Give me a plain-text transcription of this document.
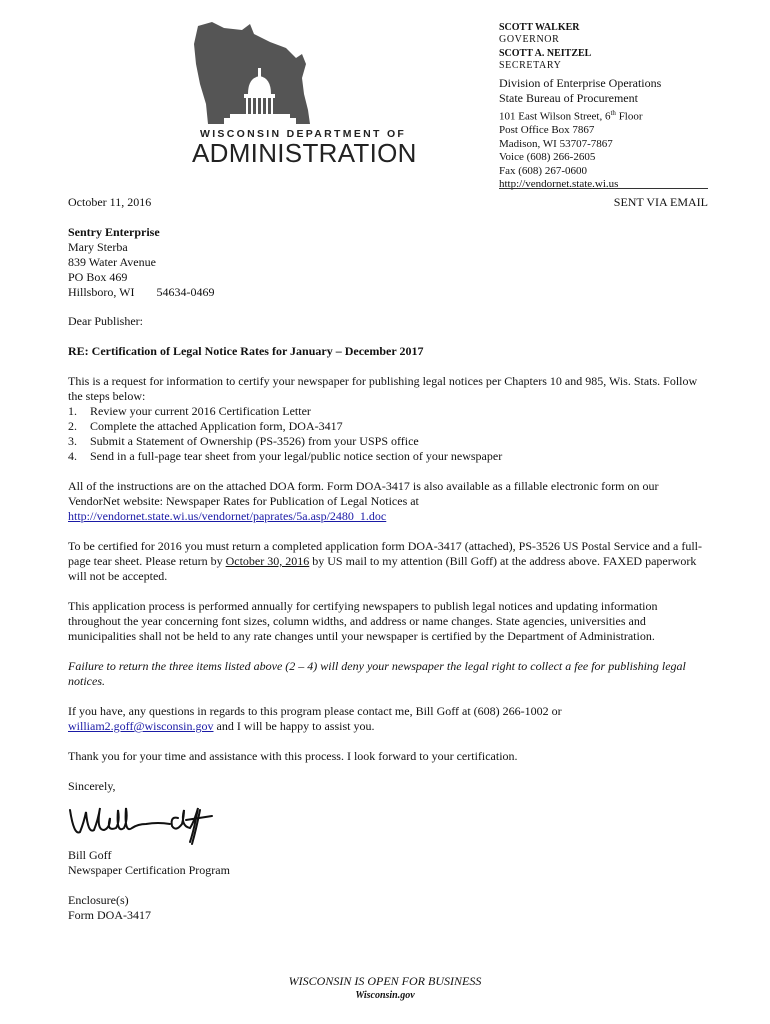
WISCONSIN DEPARTMENT OF
ADMINISTRATION
SCOTT WALKER
GOVERNOR
SCOTT A. NEITZEL
SECRETARY
Division of Enterprise Operations
State Bureau of Procurement
101 East Wilson Street, 6th Floor
Post Office Box 7867
Madison, WI 53707-7867
Voice (608) 266-2605
Fax (608) 267-0600
http://vendornet.state.wi.us
October 11, 2016	SENT VIA EMAIL
Sentry Enterprise
Mary Sterba
839 Water Avenue
PO Box 469
Hillsboro, WI 54634-0469
Dear Publisher:
RE: Certification of Legal Notice Rates for January – December 2017

This is a request for information to certify your newspaper for publishing legal notices per Chapters 10 and 985, Wis. Stats. Follow the steps below:

1. Review your current 2016 Certification Letter
2. Complete the attached Application form, DOA-3417
3. Submit a Statement of Ownership (PS-3526) from your USPS office
4. Send in a full-page tear sheet from your legal/public notice section of your newspaper

All of the instructions are on the attached DOA form. Form DOA-3417 is also available as a fillable electronic form on our VendorNet website: Newspaper Rates for Publication of Legal Notices at
http://vendornet.state.wi.us/vendornet/paprates/5a.asp/2480_1.doc

To be certified for 2016 you must return a completed application form DOA-3417 (attached), PS-3526 US Postal Service and a full-page tear sheet. Please return by October 30, 2016 by US mail to my attention (Bill Goff) at the address above. FAXED paperwork will not be accepted.

This application process is performed annually for certifying newspapers to publish legal notices and updating information throughout the year concerning font sizes, column widths, and address or name changes. State agencies, universities and municipalities shall not be held to any rate changes until your newspaper is certified by the Department of Administration.

Failure to return the three items listed above (2 – 4) will deny your newspaper the legal right to collect a fee for publishing legal notices.

If you have, any questions in regards to this program please contact me, Bill Goff at (608) 266-1002 or william2.goff@wisconsin.gov and I will be happy to assist you.

Thank you for your time and assistance with this process. I look forward to your certification.

Sincerely,

Bill Goff
Newspaper Certification Program
Enclosure(s)
Form DOA-3417
WISCONSIN IS OPEN FOR BUSINESS
Wisconsin.gov
